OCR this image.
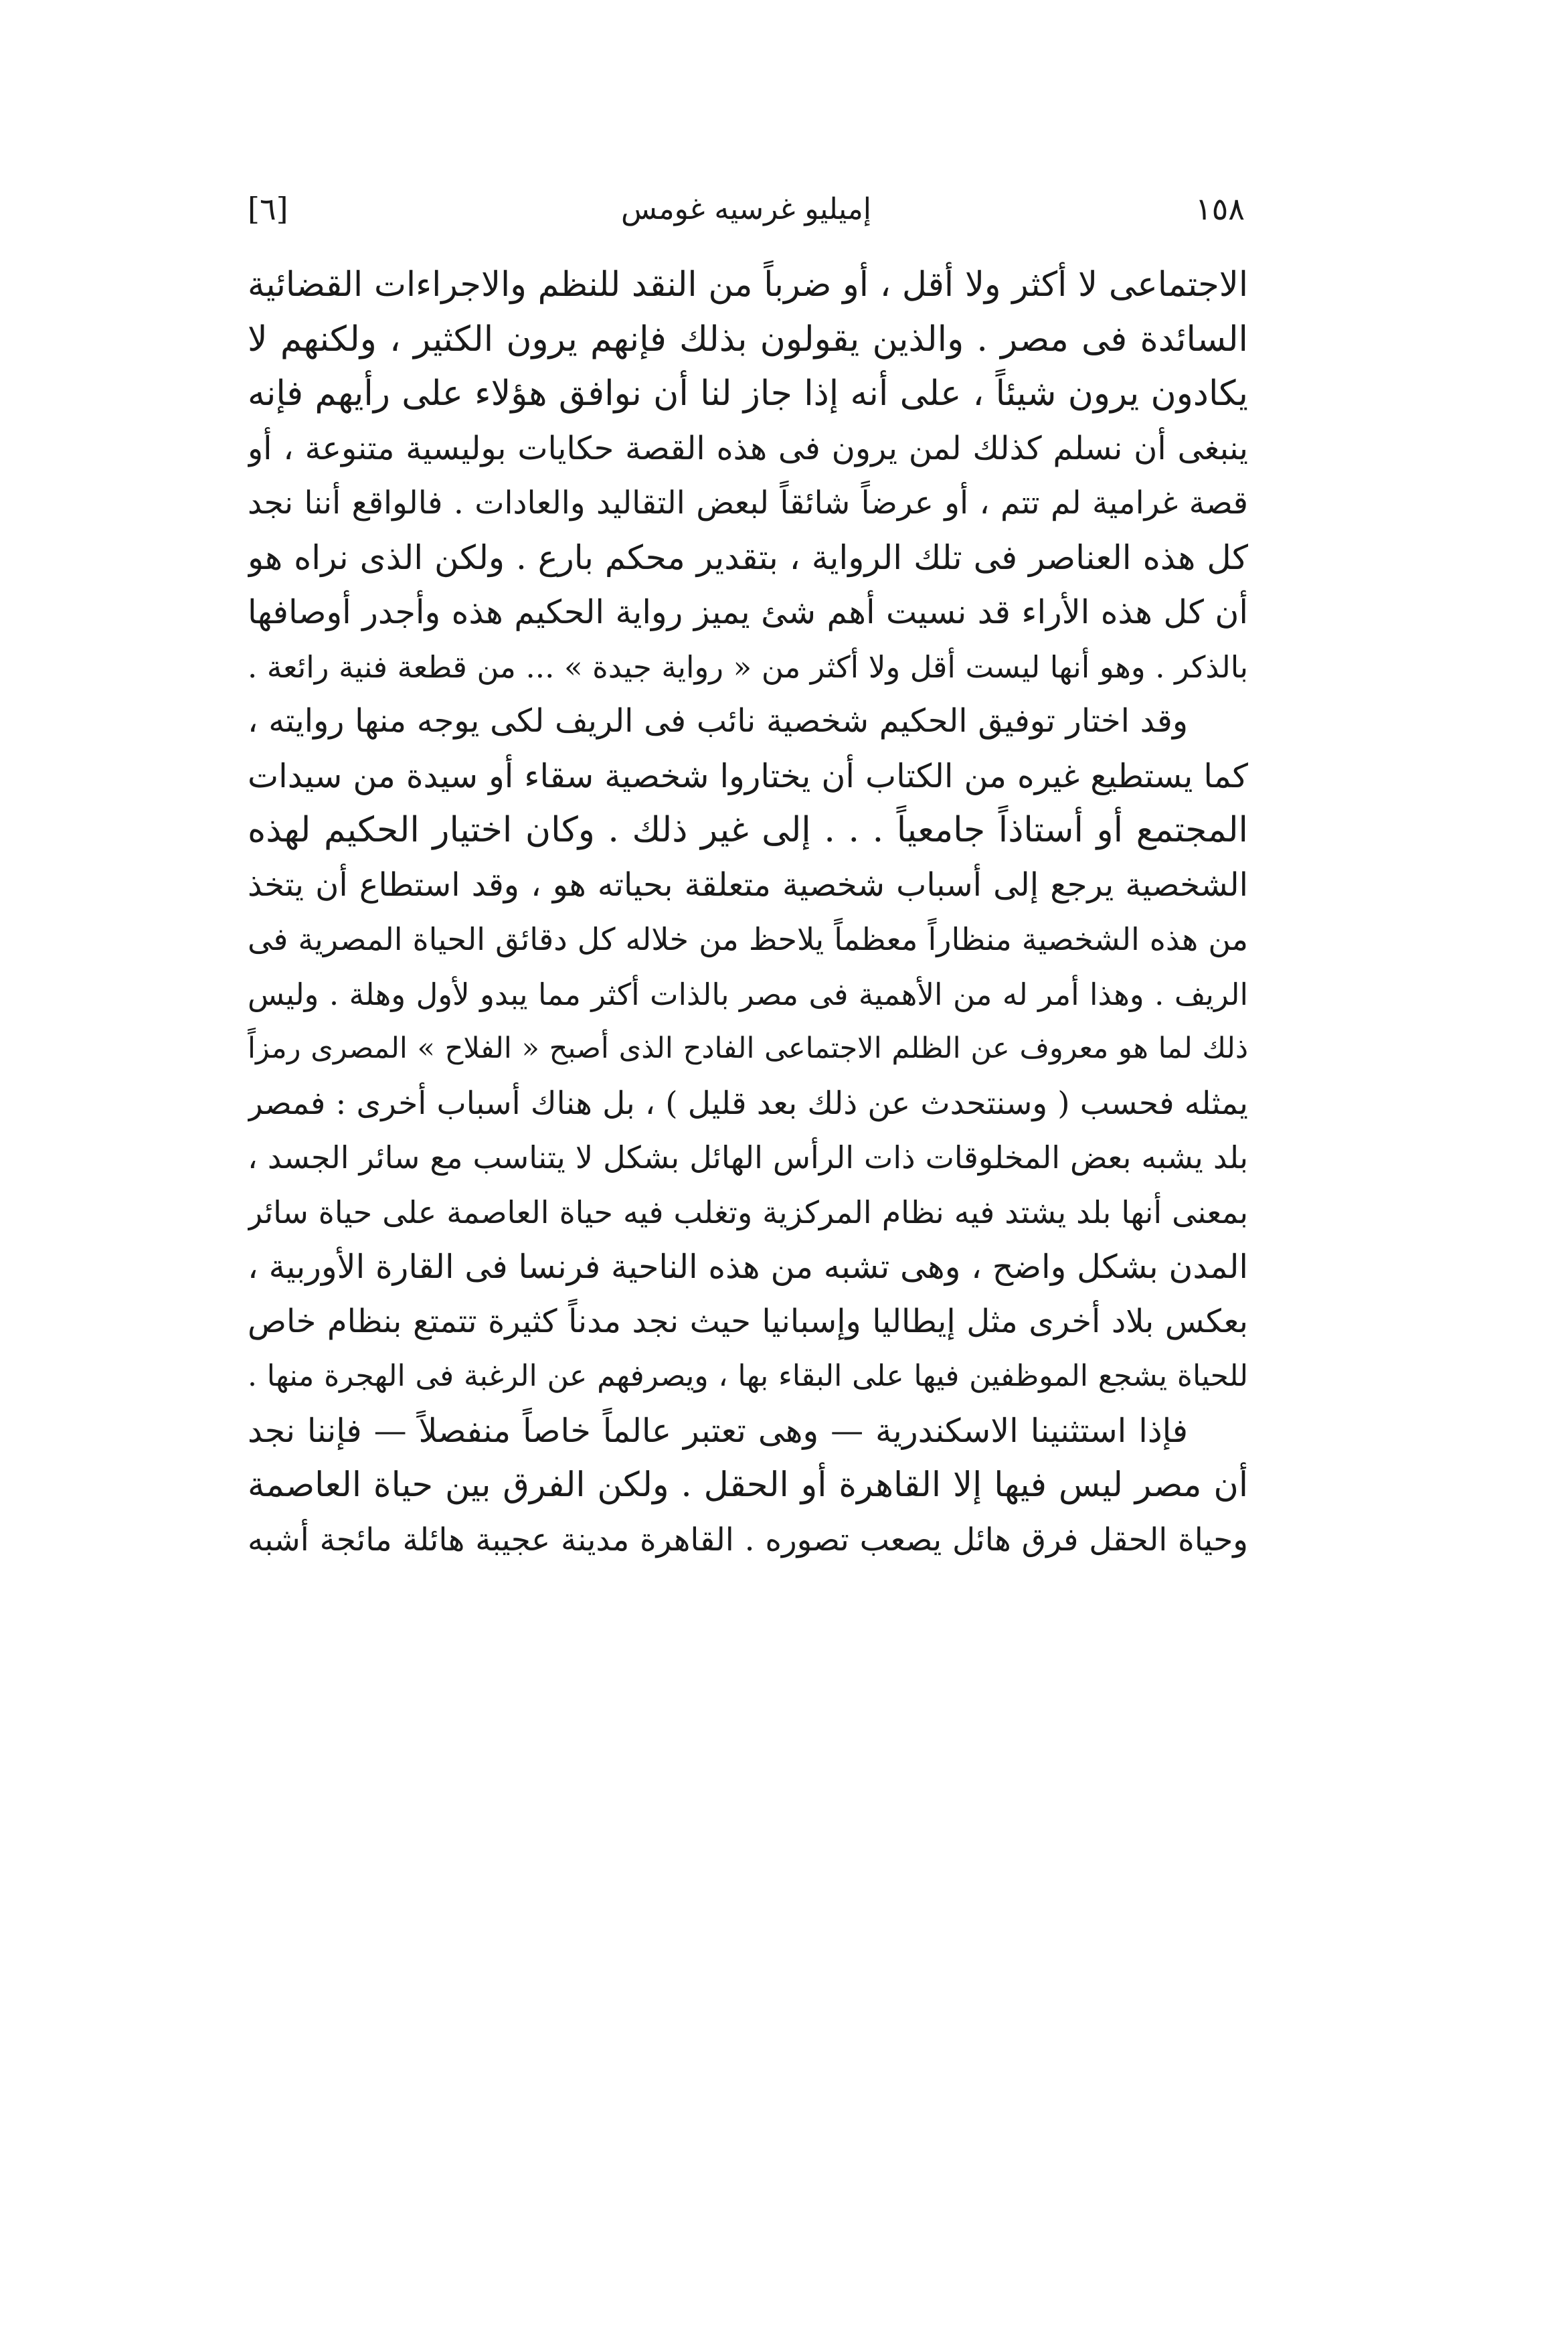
١٥٨
إميليو غرسيه غومس
[٦]
الاجتماعى لا أكثر ولا أقل ، أو ضرباً من النقد للنظم والاجراءات القضائية
السائدة فى مصر . والذين يقولون بذلك فإنهم يرون الكثير ، ولكنهم لا
يكادون يرون شيئاً ، على أنه إذا جاز لنا أن نوافق هؤلاء على رأيهم فإنه
ينبغى أن نسلم كذلك لمن يرون فى هذه القصة حكايات بوليسية متنوعة ، أو
قصة غرامية لم تتم ، أو عرضاً شائقاً لبعض التقاليد والعادات . فالواقع أننا نجد
كل هذه العناصر فى تلك الرواية ، بتقدير محكم بارع . ولكن الذى نراه هو
أن كل هذه الأراء قد نسيت أهم شئ يميز رواية الحكيم هذه وأجدر أوصافها
بالذكر . وهو أنها ليست أقل ولا أكثر من « رواية جيدة » ... من قطعة فنية رائعة .
وقد اختار توفيق الحكيم شخصية نائب فى الريف لكى يوجه منها روايته ،
كما يستطيع غيره من الكتاب أن يختاروا شخصية سقاء أو سيدة من سيدات
المجتمع أو أستاذاً جامعياً . . . إلى غير ذلك . وكان اختيار الحكيم لهذه
الشخصية يرجع إلى أسباب شخصية متعلقة بحياته هو ، وقد استطاع أن يتخذ
من هذه الشخصية منظاراً معظماً يلاحظ من خلاله كل دقائق الحياة المصرية فى
الريف . وهذا أمر له من الأهمية فى مصر بالذات أكثر مما يبدو لأول وهلة . وليس
ذلك لما هو معروف عن الظلم الاجتماعى الفادح الذى أصبح « الفلاح » المصرى رمزاً
يمثله فحسب ( وسنتحدث عن ذلك بعد قليل ) ، بل هناك أسباب أخرى : فمصر
بلد يشبه بعض المخلوقات ذات الرأس الهائل بشكل لا يتناسب مع سائر الجسد ،
بمعنى أنها بلد يشتد فيه نظام المركزية وتغلب فيه حياة العاصمة على حياة سائر
المدن بشكل واضح ، وهى تشبه من هذه الناحية فرنسا فى القارة الأوربية ،
بعكس بلاد أخرى مثل إيطاليا وإسبانيا حيث نجد مدناً كثيرة تتمتع بنظام خاص
للحياة يشجع الموظفين فيها على البقاء بها ، ويصرفهم عن الرغبة فى الهجرة منها .
فإذا استثنينا الاسكندرية — وهى تعتبر عالماً خاصاً منفصلاً — فإننا نجد
أن مصر ليس فيها إلا القاهرة أو الحقل . ولكن الفرق بين حياة العاصمة
وحياة الحقل فرق هائل يصعب تصوره . القاهرة مدينة عجيبة هائلة مائجة أشبه
